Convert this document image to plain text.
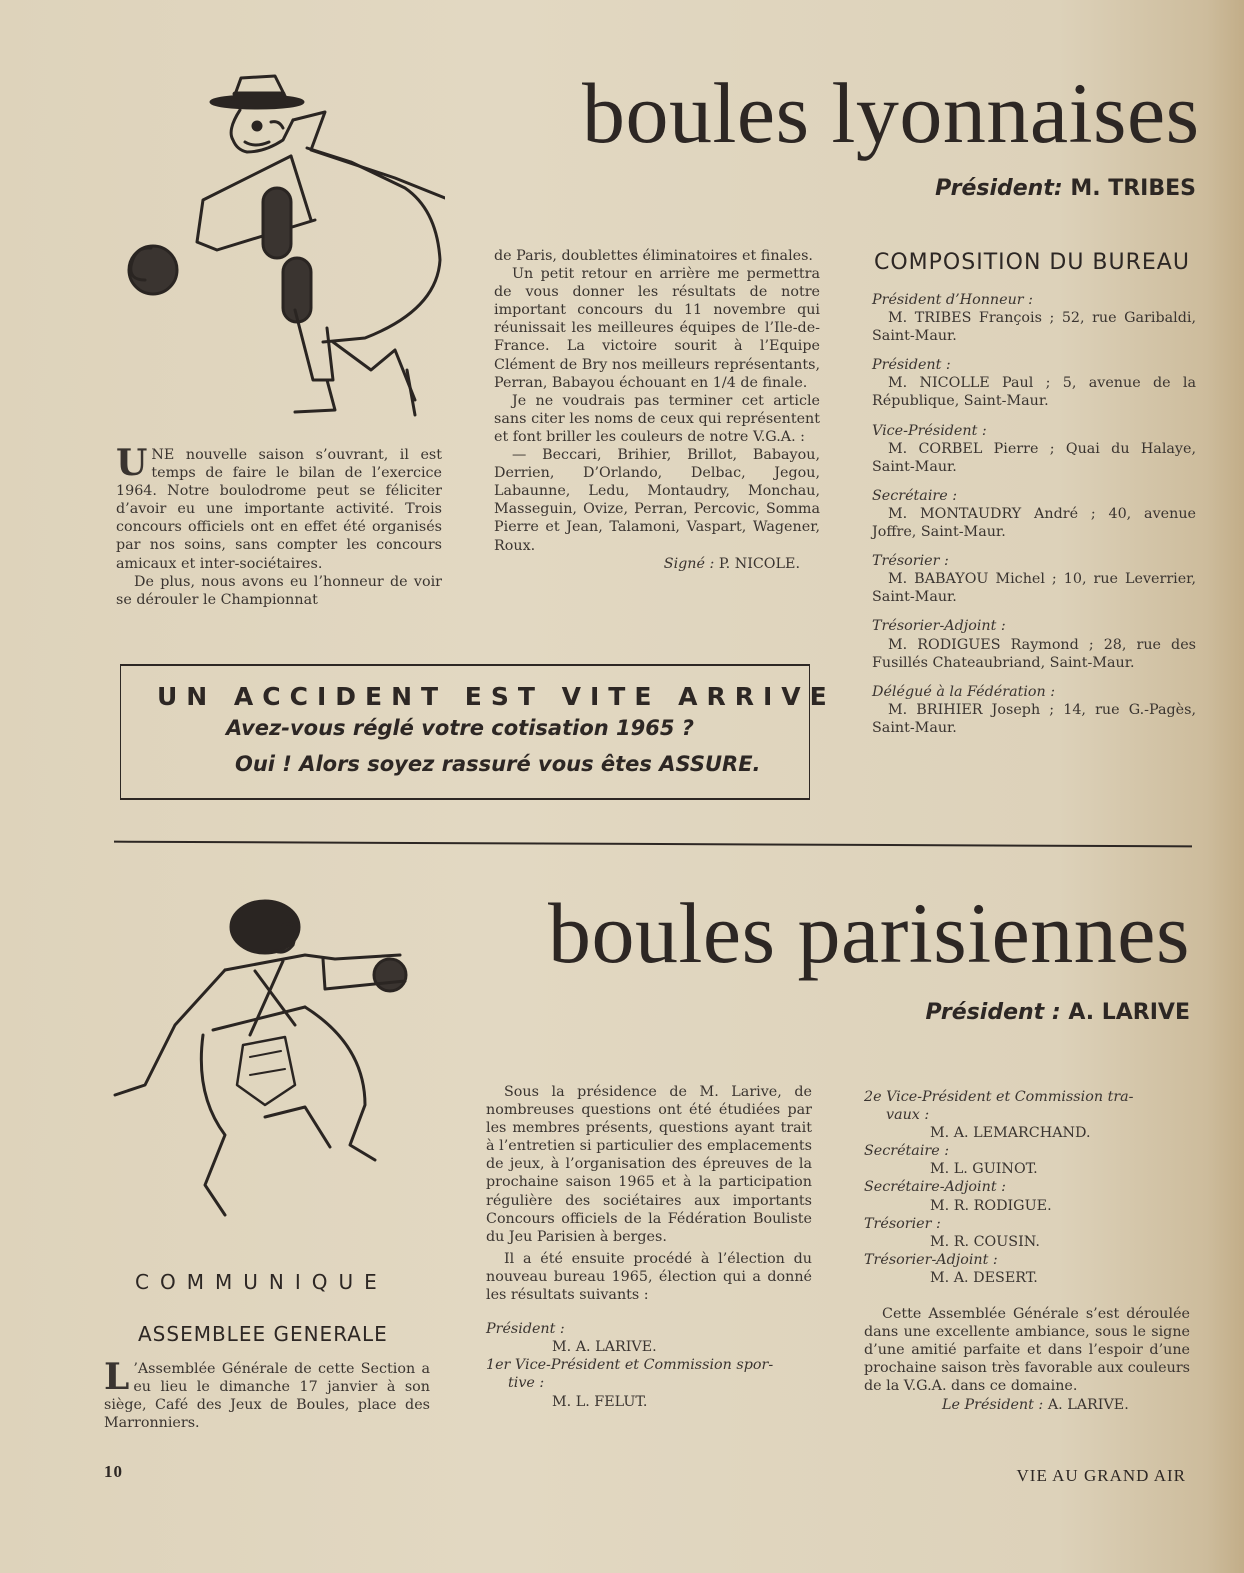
boules lyonnaises
Président: M. TRIBES

UNE nouvelle saison s’ouvrant, il est temps de faire le bilan de l’exercice 1964. Notre boulodrome peut se féliciter d’avoir eu une importante activité. Trois concours officiels ont en effet été organisés par nos soins, sans compter les concours amicaux et inter-sociétaires.

De plus, nous avons eu l’honneur de voir se dérouler le Championnat

de Paris, doublettes éliminatoires et finales.

Un petit retour en arrière me permettra de vous donner les résultats de notre important concours du 11 novembre qui réunissait les meilleures équipes de l’Ile-de-France. La victoire sourit à l’Equipe Clément de Bry nos meilleurs représentants, Perran, Babayou échouant en 1/4 de finale.

Je ne voudrais pas terminer cet article sans citer les noms de ceux qui représentent et font briller les couleurs de notre V.G.A. :

— Beccari, Brihier, Brillot, Babayou, Derrien, D’Orlando, Delbac, Jegou, Labaunne, Ledu, Montaudry, Monchau, Masseguin, Ovize, Perran, Percovic, Somma Pierre et Jean, Talamoni, Vaspart, Wagener, Roux.

Signé : P. NICOLE.

COMPOSITION DU BUREAU

Président d’Honneur :

M. TRIBES François ; 52, rue Garibaldi, Saint-Maur.

Président :

M. NICOLLE Paul ; 5, avenue de la République, Saint-Maur.

Vice-Président :

M. CORBEL Pierre ; Quai du Halaye, Saint-Maur.

Secrétaire :

M. MONTAUDRY André ; 40, avenue Joffre, Saint-Maur.

Trésorier :

M. BABAYOU Michel ; 10, rue Leverrier, Saint-Maur.

Trésorier-Adjoint :

M. RODIGUES Raymond ; 28, rue des Fusillés Chateaubriand, Saint-Maur.

Délégué à la Fédération :

M. BRIHIER Joseph ; 14, rue G.-Pagès, Saint-Maur.

UN ACCIDENT EST VITE ARRIVE
Avez-vous réglé votre cotisation 1965 ?
Oui ! Alors soyez rassuré vous êtes ASSURE.
boules parisiennes
Président : A. LARIVE
COMMUNIQUE
ASSEMBLEE GENERALE

L ’Assemblée Générale de cette Section a eu lieu le dimanche 17 janvier à son siège, Café des Jeux de Boules, place des Marronniers.

Sous la présidence de M. Larive, de nombreuses questions ont été étudiées par les membres présents, questions ayant trait à l’entretien si particulier des emplacements de jeux, à l’organisation des épreuves de la prochaine saison 1965 et à la participation régulière des sociétaires aux importants Concours officiels de la Fédération Bouliste du Jeu Parisien à berges.

Il a été ensuite procédé à l’élection du nouveau bureau 1965, élection qui a donné les résultats suivants :

Président :

M. A. LARIVE.

1er Vice-Président et Commission spor-

tive :

M. L. FELUT.

2e Vice-Président et Commission tra-

vaux :

M. A. LEMARCHAND.

Secrétaire :

M. L. GUINOT.

Secrétaire-Adjoint :

M. R. RODIGUE.

Trésorier :

M. R. COUSIN.

Trésorier-Adjoint :

M. A. DESERT.

Cette Assemblée Générale s’est déroulée dans une excellente ambiance, sous le signe d’une amitié parfaite et dans l’espoir d’une prochaine saison très favorable aux couleurs de la V.G.A. dans ce domaine.

Le Président : A. LARIVE.

10	VIE AU GRAND AIR
